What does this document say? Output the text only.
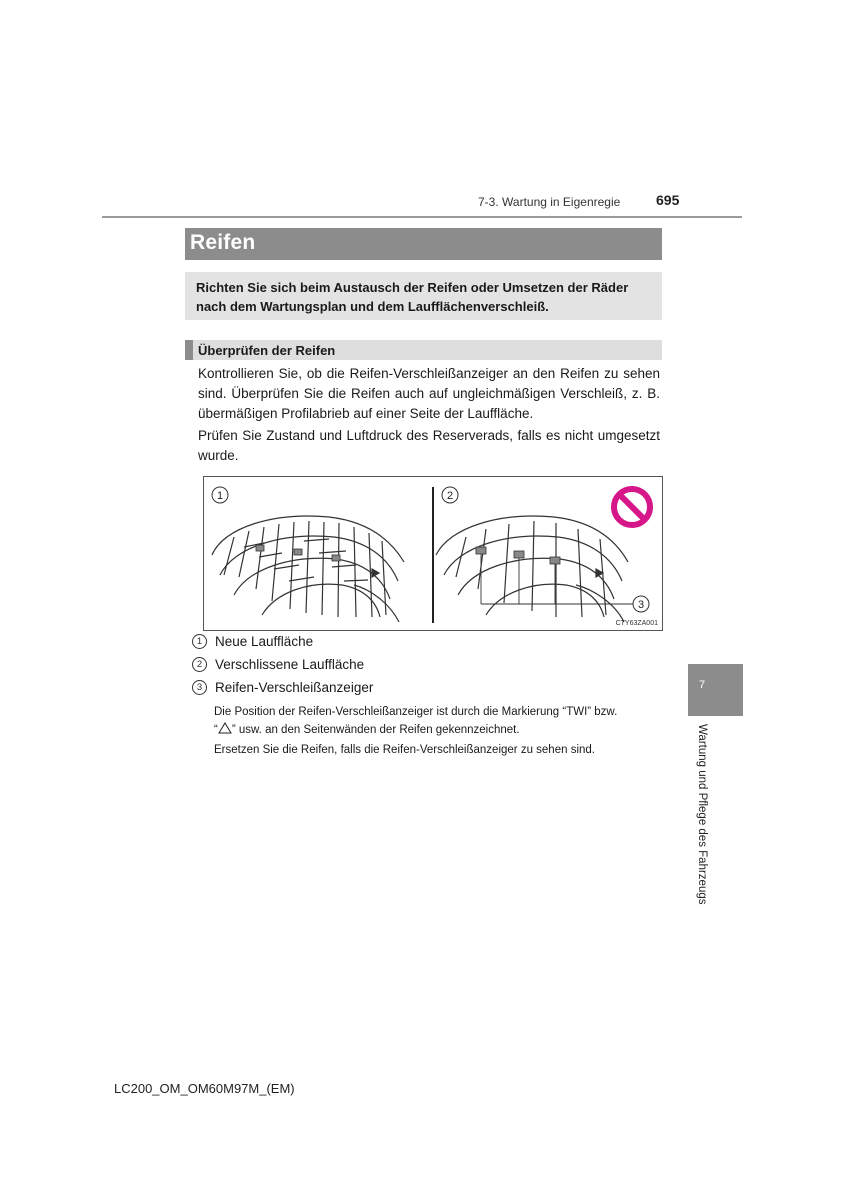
7-3. Wartung in Eigenregie	695
Reifen
Richten Sie sich beim Austausch der Reifen oder Umsetzen der Räder nach dem Wartungsplan und dem Laufflächenverschleiß.
Überprüfen der Reifen
Kontrollieren Sie, ob die Reifen-Verschleißanzeiger an den Reifen zu sehen sind. Überprüfen Sie die Reifen auch auf ungleichmäßigen Verschleiß, z. B. übermäßigen Profilabrieb auf einer Seite der Lauffläche.
Prüfen Sie Zustand und Luftdruck des Reserverads, falls es nicht umgesetzt wurde.
1	2
3
CTY63ZA001
1 Neue Lauffläche
2 Verschlissene Lauffläche
3 Reifen-Verschleißanzeiger
Die Position der Reifen-Verschleißanzeiger ist durch die Markierung “TWI” bzw.
“ ” usw. an den Seitenwänden der Reifen gekennzeichnet.
Ersetzen Sie die Reifen, falls die Reifen-Verschleißanzeiger zu sehen sind.
7
Wartung und Pflege des Fahrzeugs
LC200_OM_OM60M97M_(EM)
